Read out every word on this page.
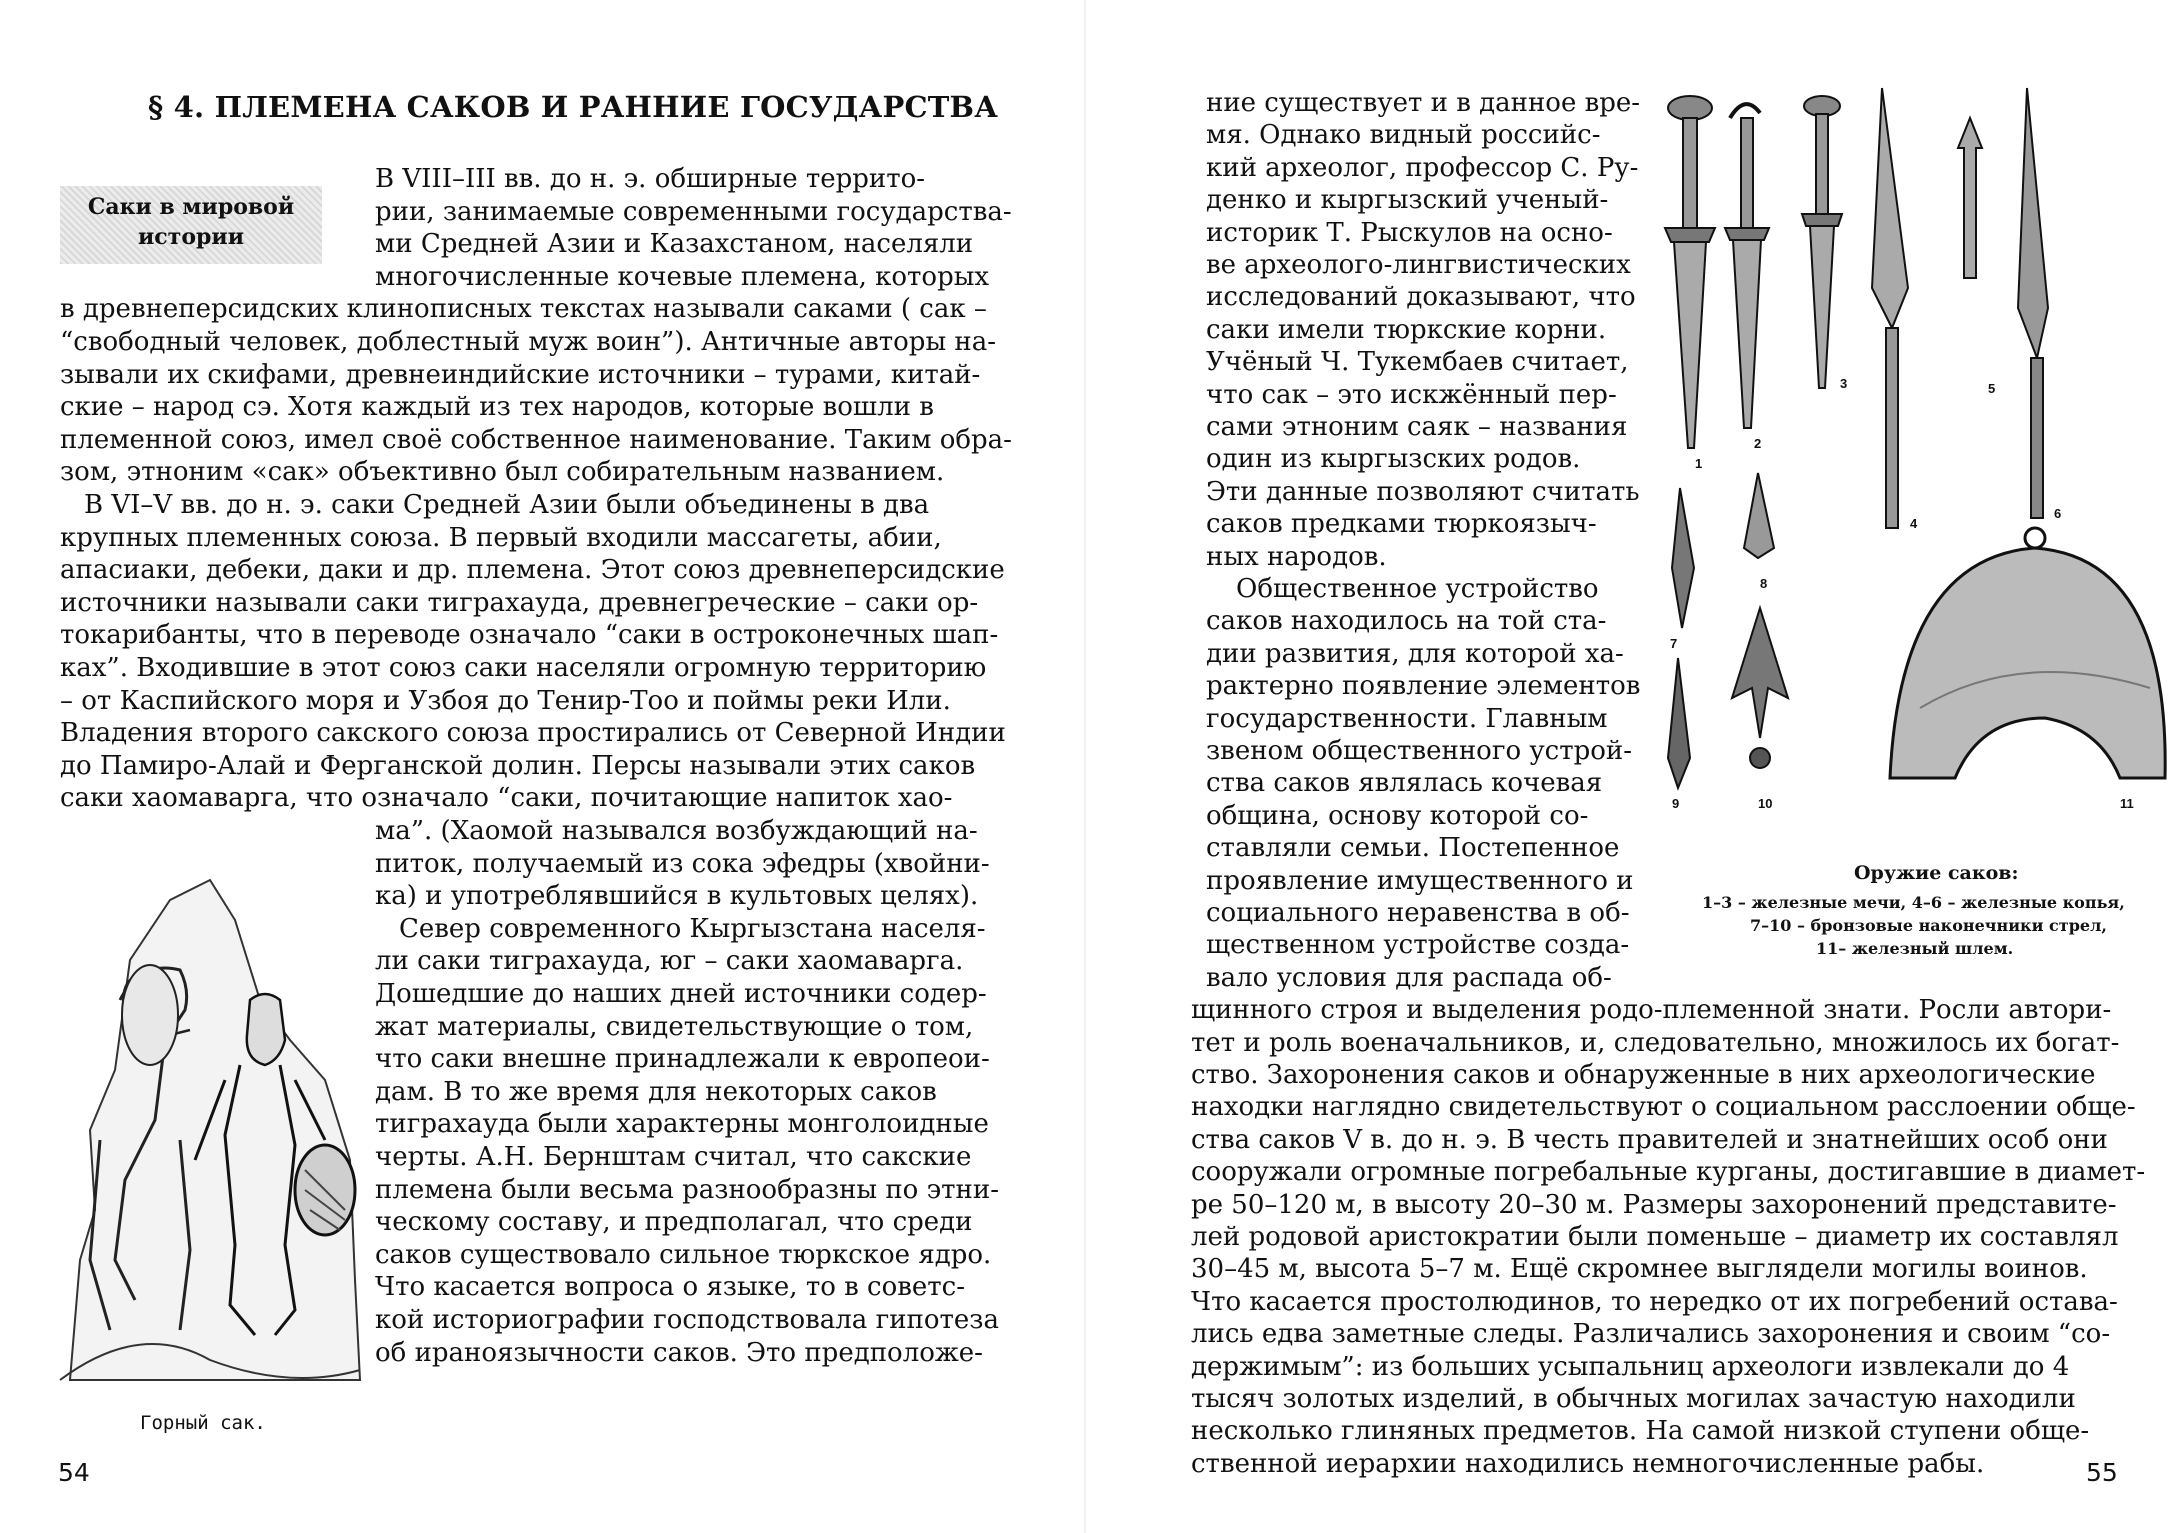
§ 4. ПЛЕМЕНА САКОВ И РАННИЕ ГОСУДАРСТВА
Саки в мировой
истории
В VIII–III вв. до н. э. обширные террито-
рии, занимаемые современными государства-
ми Средней Азии и Казахстаном, населяли
многочисленные кочевые племена, которых
в древнеперсидских клинописных текстах называли саками ( сак –
“свободный человек, доблестный муж воин”). Античные авторы на-
зывали их скифами, древнеиндийские источники – турами, китай-
ские – народ сэ. Хотя каждый из тех народов, которые вошли в
племенной союз, имел своё собственное наименование. Таким обра-
зом, этноним «сак» объективно был собирательным названием.
В VI–V вв. до н. э. саки Средней Азии были объединены в два
крупных племенных союза. В первый входили массагеты, абии,
апасиаки, дебеки, даки и др. племена. Этот союз древнеперсидские
источники называли саки тиграхауда, древнегреческие – саки ор-
токарибанты, что в переводе означало “саки в остроконечных шап-
ках”. Входившие в этот союз саки населяли огромную территорию
– от Каспийского моря и Узбоя до Тенир-Тоо и поймы реки Или.
Владения второго сакского союза простирались от Северной Индии
до Памиро-Алай и Ферганской долин. Персы называли этих саков
саки хаомаварга, что означало “саки, почитающие напиток хао-
ма”. (Хаомой назывался возбуждающий на-
питок, получаемый из сока эфедры (хвойни-
ка) и употреблявшийся в культовых целях).
Север современного Кыргызстана населя-
ли саки тиграхауда, юг – саки хаомаварга.
Дошедшие до наших дней источники содер-
жат материалы, свидетельствующие о том,
что саки внешне принадлежали к европеои-
дам. В то же время для некоторых саков
тиграхауда были характерны монголоидные
черты. А.Н. Бернштам считал, что сакские
племена были весьма разнообразны по этни-
ческому составу, и предполагал, что среди
саков существовало сильное тюркское ядро.
Что касается вопроса о языке, то в советс-
кой историографии господствовала гипотеза
об ираноязычности саков. Это предположе-
Горный сак.
54
ние существует и в данное вре-
мя. Однако видный российс-
кий археолог, профессор С. Ру-
денко и кыргызский ученый-
историк Т. Рыскулов на осно-
ве археолого-лингвистических
исследований доказывают, что
саки имели тюркские корни.
Учёный Ч. Тукембаев считает,
что сак – это искжённый пер-
сами этноним саяк – названия
один из кыргызских родов.
Эти данные позволяют считать
саков предками тюркоязыч-
ных народов.
Общественное устройство
саков находилось на той ста-
дии развития, для которой ха-
рактерно появление элементов
государственности. Главным
звеном общественного устрой-
ства саков являлась кочевая
община, основу которой со-
ставляли семьи. Постепенное
проявление имущественного и
социального неравенства в об-
щественном устройстве созда-
вало условия для распада об-
щинного строя и выделения родо-племенной знати. Росли автори-
тет и роль военачальников, и, следовательно, множилось их богат-
ство. Захоронения саков и обнаруженные в них археологические
находки наглядно свидетельствуют о социальном расслоении обще-
ства саков V в. до н. э. В честь правителей и знатнейших особ они
сооружали огромные погребальные курганы, достигавшие в диамет-
ре 50–120 м, в высоту 20–30 м. Размеры захоронений представите-
лей родовой аристократии были поменьше – диаметр их составлял
30–45 м, высота 5–7 м. Ещё скромнее выглядели могилы воинов.
Что касается простолюдинов, то нередко от их погребений остава-
лись едва заметные следы. Различались захоронения и своим “со-
держимым”: из больших усыпальниц археологи извлекали до 4
тысяч золотых изделий, в обычных могилах зачастую находили
несколько глиняных предметов. На самой низкой ступени обще-
ственной иерархии находились немногочисленные рабы.
1
2
3
4
5
6
7
8
9	10	11
Оружие саков:
1–3 – железные мечи, 4–6 – железные копья,
7–10 – бронзовые наконечники стрел,
11– железный шлем.
55
